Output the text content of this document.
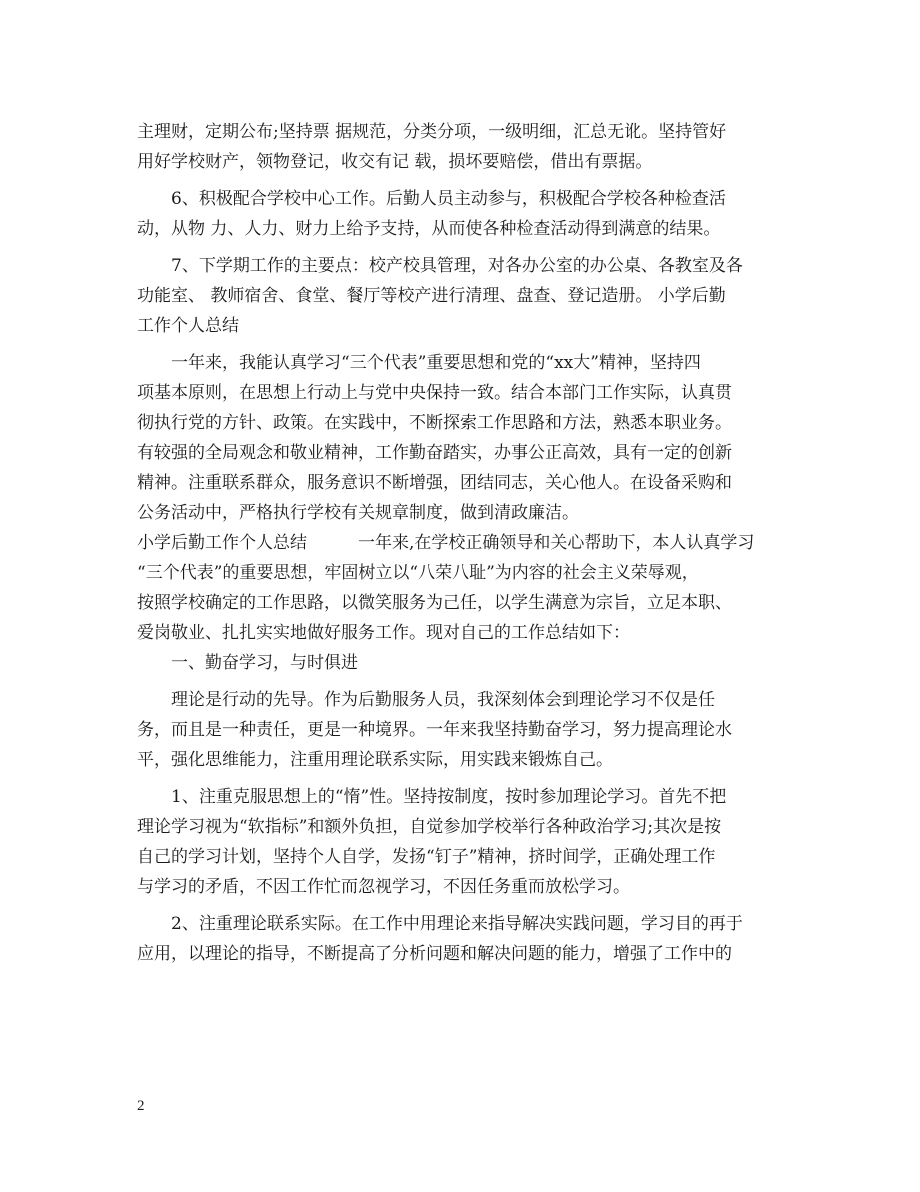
主理财，定期公布;坚持票 据规范，分类分项，一级明细，汇总无讹。坚持管好
用好学校财产，领物登记，收交有记 载，损坏要赔偿，借出有票据。
6、积极配合学校中心工作。后勤人员主动参与，积极配合学校各种检查活
动，从物 力、人力、财力上给予支持，从而使各种检查活动得到满意的结果。
7、下学期工作的主要点：校产校具管理，对各办公室的办公桌、各教室及各
功能室、 教师宿舍、食堂、餐厅等校产进行清理、盘查、登记造册。 小学后勤
工作个人总结
一年来，我能认真学习“三个代表”重要思想和党的“xx大”精神，坚持四
项基本原则，在思想上行动上与党中央保持一致。结合本部门工作实际，认真贯
彻执行党的方针、政策。在实践中，不断探索工作思路和方法，熟悉本职业务。
有较强的全局观念和敬业精神，工作勤奋踏实，办事公正高效，具有一定的创新
精神。注重联系群众，服务意识不断增强，团结同志，关心他人。在设备采购和
公务活动中，严格执行学校有关规章制度，做到清政廉洁。
小学后勤工作个人总结　　　一年来,在学校正确领导和关心帮助下，本人认真学习
“三个代表”的重要思想，牢固树立以“八荣八耻”为内容的社会主义荣辱观，
按照学校确定的工作思路，以微笑服务为己任，以学生满意为宗旨，立足本职、
爱岗敬业、扎扎实实地做好服务工作。现对自己的工作总结如下：
一、勤奋学习，与时俱进
理论是行动的先导。作为后勤服务人员，我深刻体会到理论学习不仅是任
务，而且是一种责任，更是一种境界。一年来我坚持勤奋学习，努力提高理论水
平，强化思维能力，注重用理论联系实际，用实践来锻炼自己。
1、注重克服思想上的“惰”性。坚持按制度，按时参加理论学习。首先不把
理论学习视为“软指标”和额外负担，自觉参加学校举行各种政治学习;其次是按
自己的学习计划，坚持个人自学，发扬“钉子”精神，挤时间学，正确处理工作
与学习的矛盾，不因工作忙而忽视学习，不因任务重而放松学习。
2、注重理论联系实际。在工作中用理论来指导解决实践问题，学习目的再于
应用，以理论的指导，不断提高了分析问题和解决问题的能力，增强了工作中的
2
